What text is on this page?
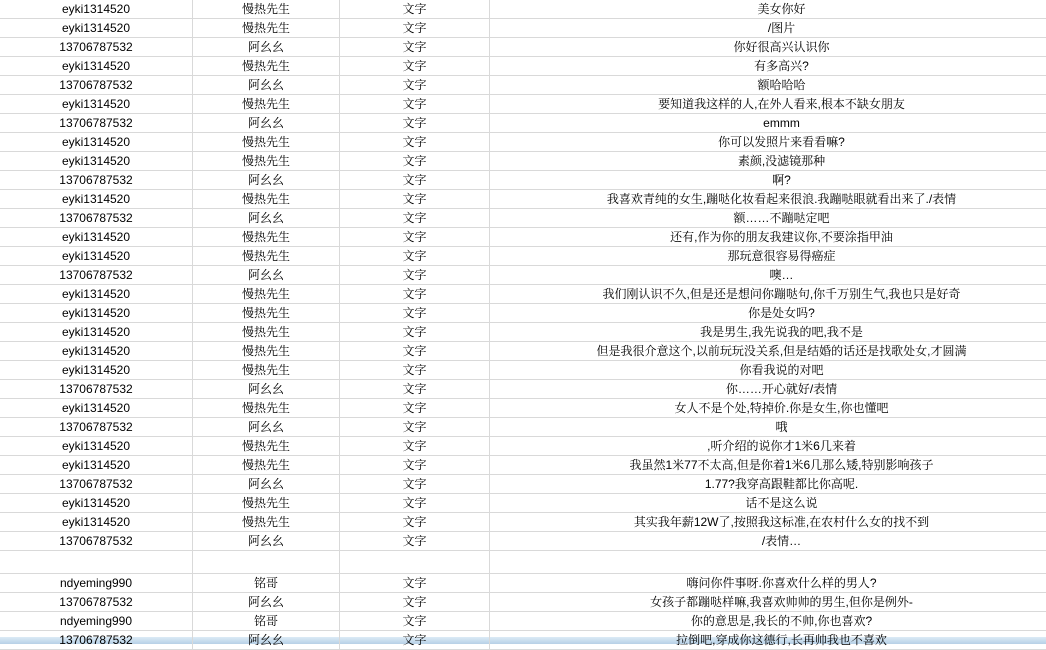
eyki1314520	慢热先生	文字	美女你好
eyki1314520	慢热先生	文字	/图片
13706787532	阿幺幺	文字	你好很高兴认识你
eyki1314520	慢热先生	文字	有多高兴?
13706787532	阿幺幺	文字	额哈哈哈
eyki1314520	慢热先生	文字	要知道我这样的人,在外人看来,根本不缺女朋友
13706787532	阿幺幺	文字	emmm
eyki1314520	慢热先生	文字	你可以发照片来看看嘛?
eyki1314520	慢热先生	文字	素颜,没滤镜那种
13706787532	阿幺幺	文字	啊?
eyki1314520	慢热先生	文字	我喜欢青纯的女生,蹦哒化妆看起来很浪.我蹦哒眼就看出来了./表情
13706787532	阿幺幺	文字	额……不蹦哒定吧
eyki1314520	慢热先生	文字	还有,作为你的朋友我建议你,不要涂指甲油
eyki1314520	慢热先生	文字	那玩意很容易得癌症
13706787532	阿幺幺	文字	噢…
eyki1314520	慢热先生	文字	我们刚认识不久,但是还是想问你蹦哒句,你千万别生气,我也只是好奇
eyki1314520	慢热先生	文字	你是处女吗?
eyki1314520	慢热先生	文字	我是男生,我先说我的吧,我不是
eyki1314520	慢热先生	文字	但是我很介意这个,以前玩玩没关系,但是结婚的话还是找歌处女,才圆满
eyki1314520	慢热先生	文字	你看我说的对吧
13706787532	阿幺幺	文字	你……开心就好/表情
eyki1314520	慢热先生	文字	女人不是个处,特掉价.你是女生,你也懂吧
13706787532	阿幺幺	文字	哦
eyki1314520	慢热先生	文字	,听介绍的说你才1米6几来着
eyki1314520	慢热先生	文字	我虽然1米77不太高,但是你着1米6几那么矮,特别影响孩子
13706787532	阿幺幺	文字	1.77?我穿高跟鞋都比你高呢.
eyki1314520	慢热先生	文字	话不是这么说
eyki1314520	慢热先生	文字	其实我年薪12W了,按照我这标准,在农村什么女的找不到
13706787532	阿幺幺	文字	/表情…
ndyeming990	铭哥	文字	嗨问你件事呀.你喜欢什么样的男人?
13706787532	阿幺幺	文字	女孩子都蹦哒样嘛,我喜欢帅帅的男生,但你是例外-
ndyeming990	铭哥	文字	你的意思是,我长的不帅,你也喜欢?
13706787532	阿幺幺	文字	拉倒吧,穿成你这德行,长再帅我也不喜欢
